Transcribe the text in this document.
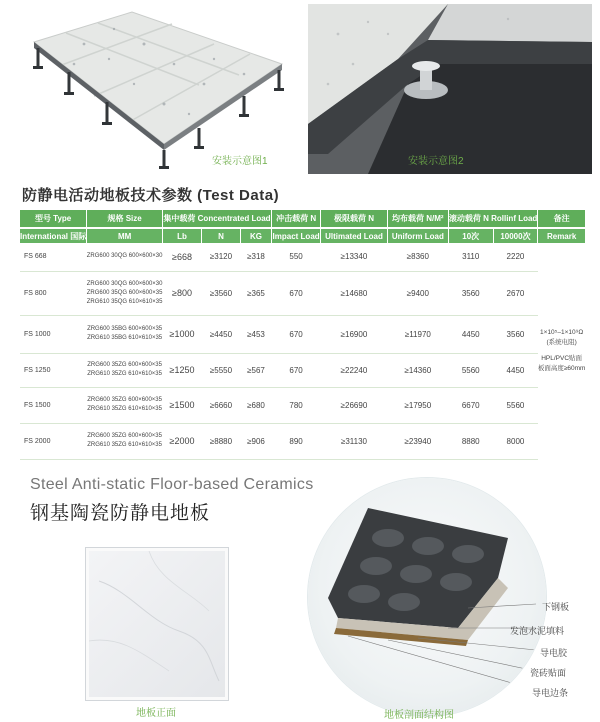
安装示意图1	安装示意图2
防静电活动地板技术参数 (Test Data)
型号 Type	规格 Size	集中载荷 Concentrated Load			冲击载荷 N	极限载荷 N	均布载荷 N/M²	滚动载荷 N Rollinf Load		备注
International 国际	MM	Lb	N	KG	Impact Load	Ultimated Load	Uniform Load	10次	10000次	Remark
FS 668	ZRG600 30QG 600×600×30	≥668	≥3120	≥318	550	≥13340	≥8360	3110	2220	1×10⁵–1×10⁹Ω
(系统电阻)
HPL/PVC贴面
板面高度≥60mm

FS 800	ZRG600 30QG 600×600×30
ZRG600 35QG 600×600×35
ZRG610 35QG 610×610×35	≥800	≥3560	≥365	670	≥14680	≥9400	3560	2670	
FS 1000	ZRG600 35BG 600×600×35
ZRG610 35BG 610×610×35	≥1000	≥4450	≥453	670	≥16900	≥11970	4450	3560	
FS 1250	ZRG600 35ZG 600×600×35
ZRG610 35ZG 610×610×35	≥1250	≥5550	≥567	670	≥22240	≥14360	5560	4450	
FS 1500	ZRG600 35ZG 600×600×35
ZRG610 35ZG 610×610×35	≥1500	≥6660	≥680	780	≥26690	≥17950	6670	5560	
FS 2000	ZRG600 35ZG 600×600×35
ZRG610 35ZG 610×610×35	≥2000	≥8880	≥906	890	≥31130	≥23940	8880	8000	
Steel Anti-static Floor-based Ceramics
钢基陶瓷防静电地板
地板正面
下钢板
发泡水泥填料
导电胶
瓷砖贴面
导电边条
地板剖面结构图
